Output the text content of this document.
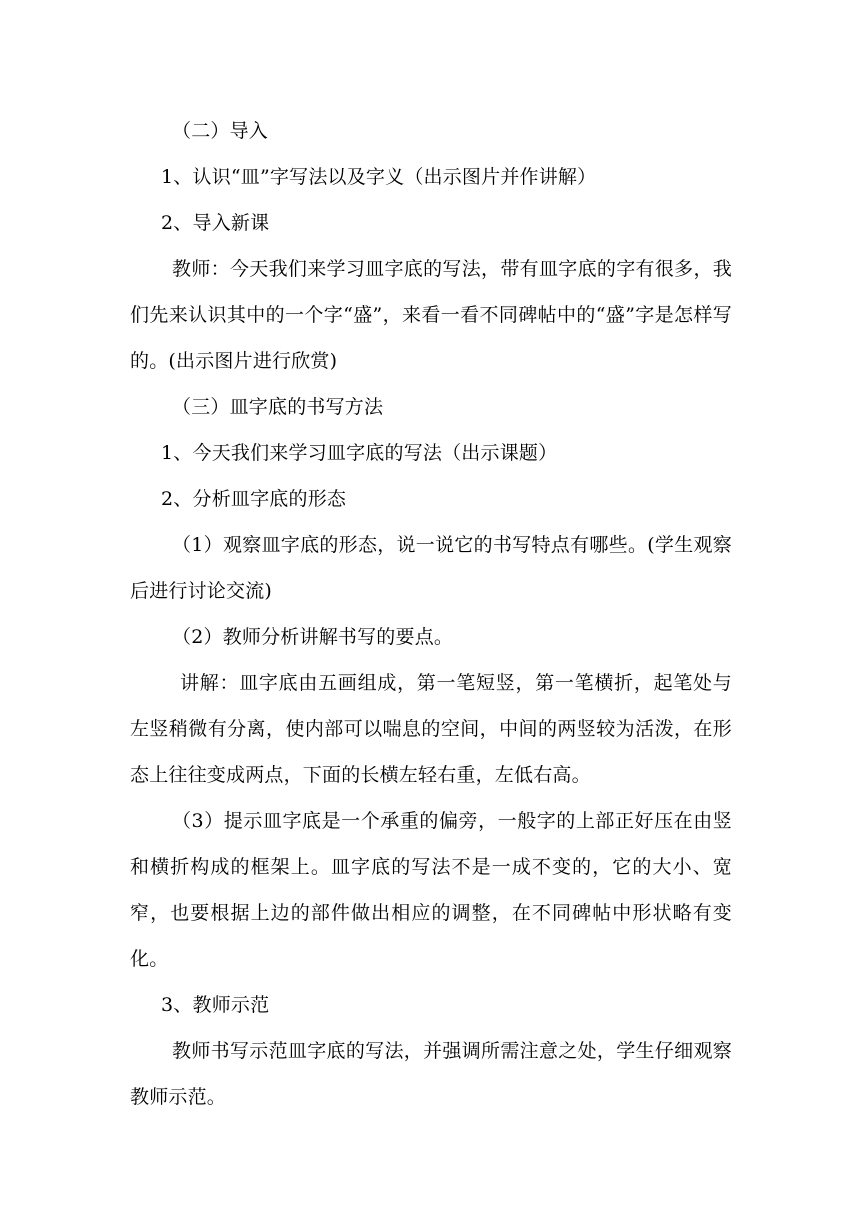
（二）导入

1、认识“皿”字写法以及字义（出示图片并作讲解）

2、导入新课

教师：今天我们来学习皿字底的写法，带有皿字底的字有很多，我们先来认识其中的一个字“盛”，来看一看不同碑帖中的“盛”字是怎样写的。(出示图片进行欣赏)

（三）皿字底的书写方法

1、今天我们来学习皿字底的写法（出示课题）

2、分析皿字底的形态

（1）观察皿字底的形态，说一说它的书写特点有哪些。(学生观察后进行讨论交流)

（2）教师分析讲解书写的要点。

讲解：皿字底由五画组成，第一笔短竖，第一笔横折，起笔处与左竖稍微有分离，使内部可以喘息的空间，中间的两竖较为活泼，在形态上往往变成两点，下面的长横左轻右重，左低右高。

（3）提示皿字底是一个承重的偏旁，一般字的上部正好压在由竖和横折构成的框架上。皿字底的写法不是一成不变的，它的大小、宽窄，也要根据上边的部件做出相应的调整，在不同碑帖中形状略有变化。

3、教师示范

教师书写示范皿字底的写法，并强调所需注意之处，学生仔细观察教师示范。
